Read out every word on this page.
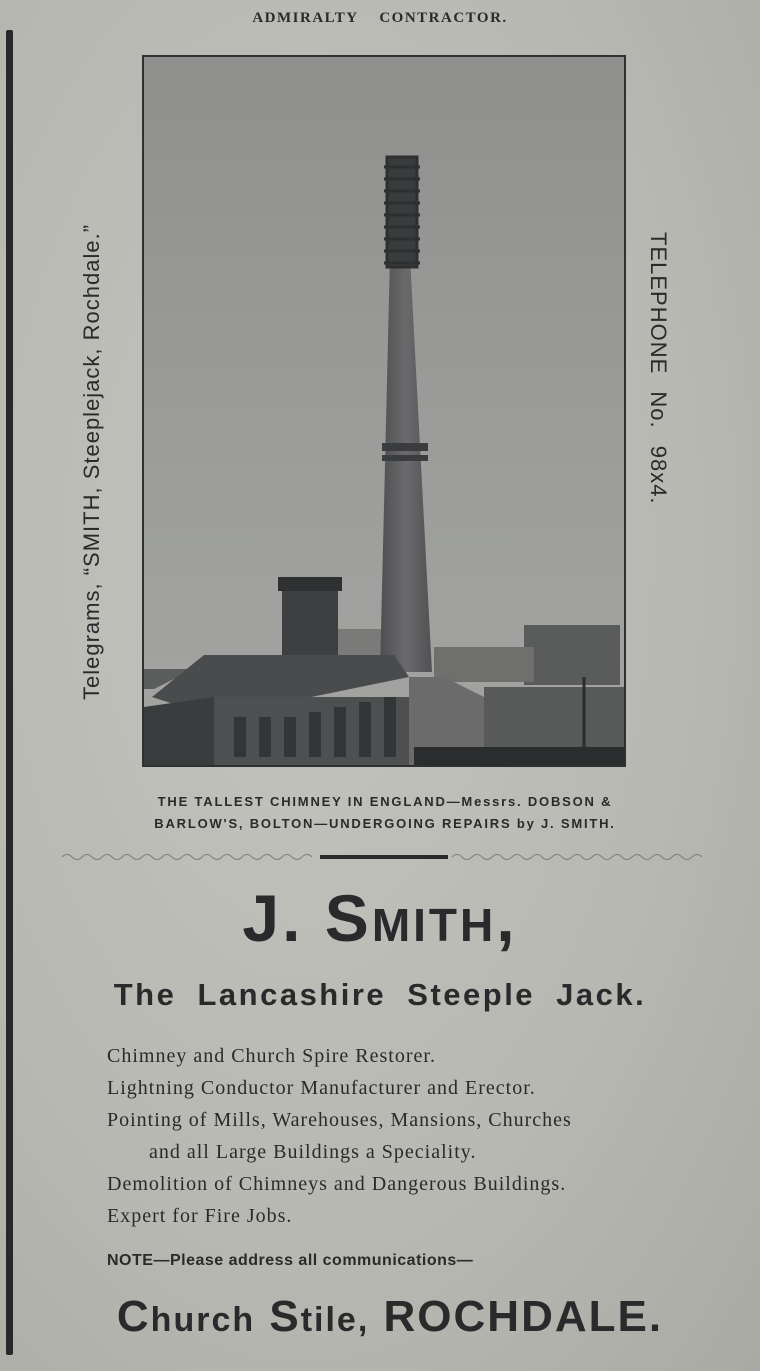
ADMIRALTY CONTRACTOR.
Telegrams, “SMITH, Steeplejack, Rochdale.”	TELEPHONE No. 98x4.
THE TALLEST CHIMNEY IN ENGLAND—Messrs. DOBSON &
BARLOW'S, BOLTON—UNDERGOING REPAIRS by J. SMITH.
J. Smith,
The Lancashire Steeple Jack.
Chimney and Church Spire Restorer.
Lightning Conductor Manufacturer and Erector.
Pointing of Mills, Warehouses, Mansions, Churches
and all Large Buildings a Speciality.
Demolition of Chimneys and Dangerous Buildings.
Expert for Fire Jobs.
NOTE—Please address all communications—
Church Stile, ROCHDALE.
